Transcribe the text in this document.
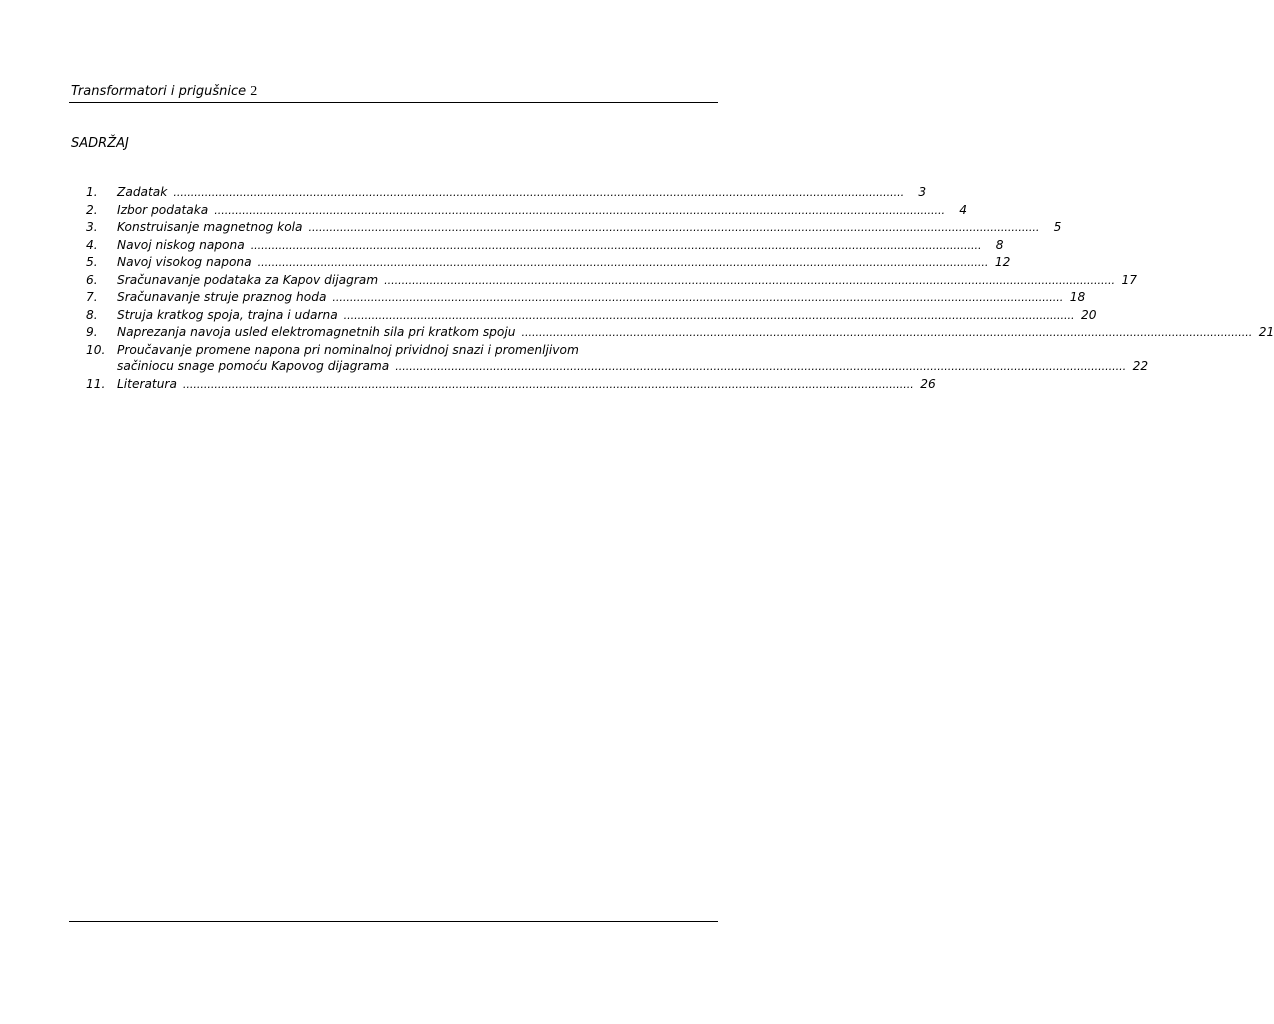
Transformatori i prigušnice 2
SADRŽAJ
1.	Zadatak .....	3
2.	Izbor podataka .....	4
3.	Konstruisanje magnetnog kola .....	5
4.	Navoj niskog napona .....	8
5.	Navoj visokog napona .....	12
6.	Sračunavanje podataka za Kapov dijagram .....	17
7.	Sračunavanje struje praznog hoda .....	18
8.	Struja kratkog spoja, trajna i udarna .....	20
9.	Naprezanja navoja usled elektromagnetnih sila pri kratkom spoju .....	21
10. Proučavanje promene napona pri nominalnoj prividnoj snazi i promenljivom
sačiniocu snage pomoću Kapovog dijagrama .....	22
11. Literatura .....	26
